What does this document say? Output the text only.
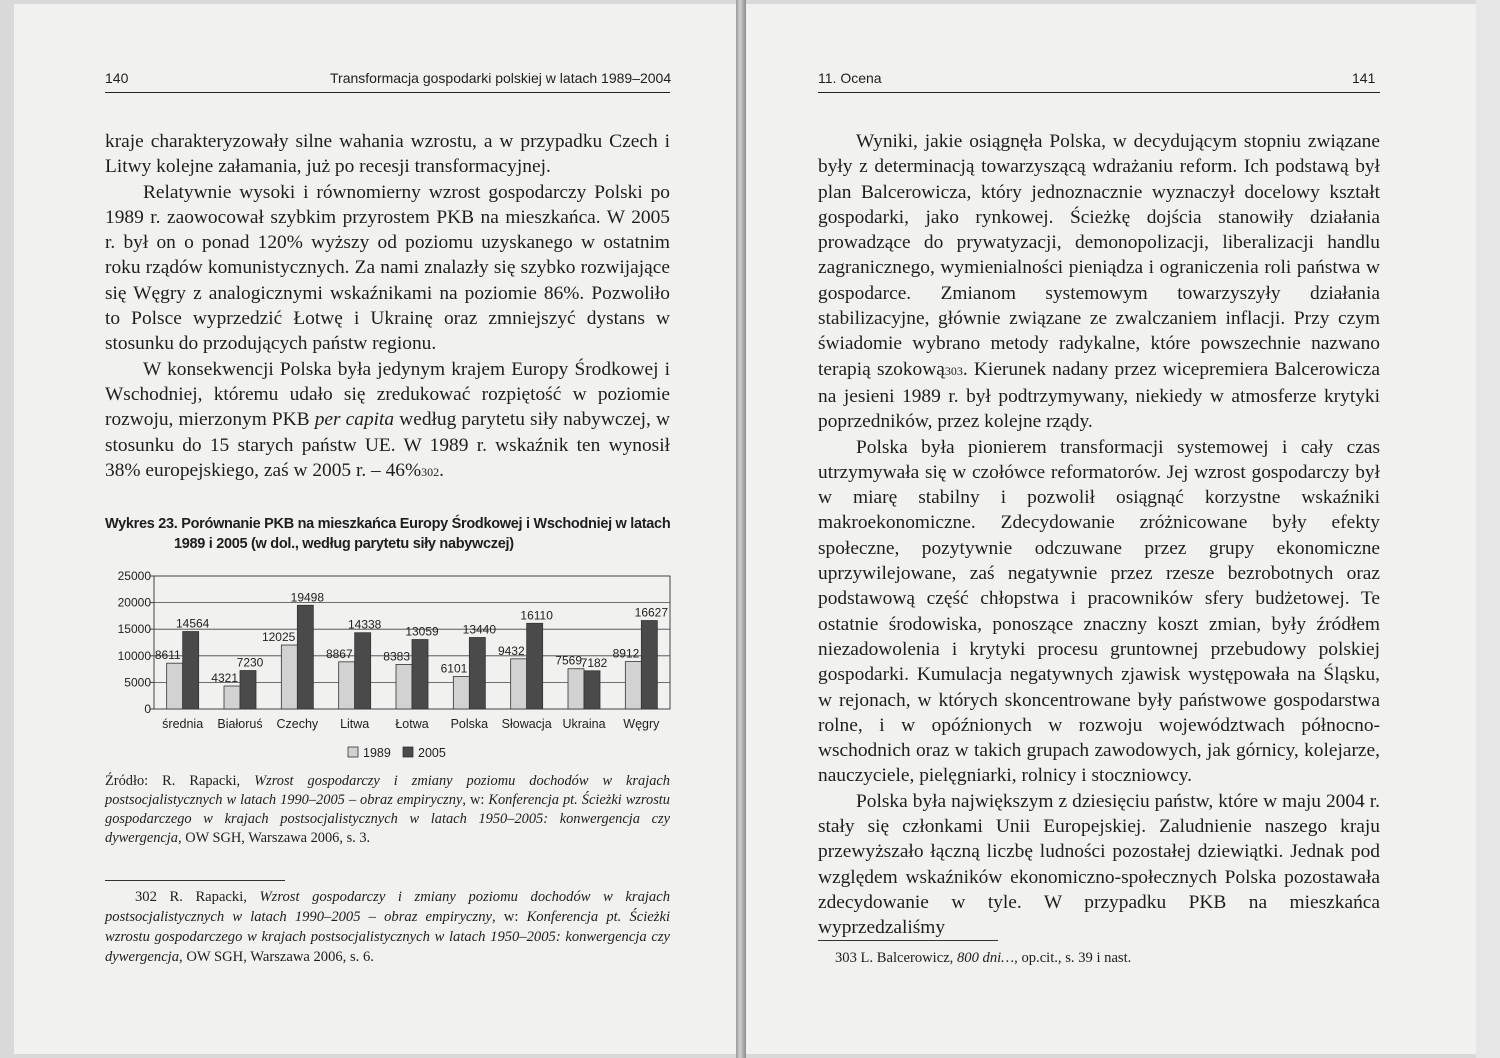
140	Transformacja gospodarki polskiej w latach 1989–2004

kraje charakteryzowały silne wahania wzrostu, a w przypadku Czech i Litwy kolejne załamania, już po recesji transformacyjnej.

Relatywnie wysoki i równomierny wzrost gospodarczy Polski po 1989 r. zaowocował szybkim przyrostem PKB na mieszkańca. W 2005 r. był on o ponad 120% wyższy od poziomu uzyskanego w ostatnim roku rządów komunistycznych. Za nami znalazły się szybko rozwijające się Węgry z analogicznymi wskaźnikami na poziomie 86%. Pozwoliło to Polsce wyprzedzić Łotwę i Ukrainę oraz zmniejszyć dystans w stosunku do przodujących państw regionu.

W konsekwencji Polska była jedynym krajem Europy Środkowej i Wschodniej, któremu udało się zredukować rozpiętość w poziomie rozwoju, mierzonym PKB per capita według parytetu siły nabywczej, w stosunku do 15 starych państw UE. W 1989 r. wskaźnik ten wynosił 38% europejskiego, zaś w 2005 r. – 46%302.

Wykres 23. Porównanie PKB na mieszkańca Europy Środkowej i Wschodniej w latach
1989 i 2005 (w dol., według parytetu siły nabywczej)
0
5000
10000
15000
20000
25000
8611
14564
średnia
4321
7230
Białoruś
12025
19498
Czechy
8867
14338
Litwa
8383
13059
Łotwa
6101
13440
Polska
9432
16110
Słowacja
7569
7182
Ukraina
8912
16627
Węgry
1989 2005
Źródło: R. Rapacki, Wzrost gospodarczy i zmiany poziomu dochodów w krajach postsocjalistycznych w latach 1990–2005 – obraz empiryczny, w: Konferencja pt. Ścieżki wzrostu gospodarczego w krajach postsocjalistycznych w latach 1950–2005: konwergencja czy dywergencja, OW SGH, Warszawa 2006, s. 3.
302 R. Rapacki, Wzrost gospodarczy i zmiany poziomu dochodów w krajach postsocjalistycznych w latach 1990–2005 – obraz empiryczny, w: Konferencja pt. Ścieżki wzrostu gospodarczego w krajach postsocjalistycznych w latach 1950–2005: konwergencja czy dywergencja, OW SGH, Warszawa 2006, s. 6.
11. Ocena	141

Wyniki, jakie osiągnęła Polska, w decydującym stopniu związane były z determinacją towarzyszącą wdrażaniu reform. Ich podstawą był plan Balcerowicza, który jednoznacznie wyznaczył docelowy kształt gospodarki, jako rynkowej. Ścieżkę dojścia stanowiły działania prowadzące do prywatyzacji, demonopolizacji, liberalizacji handlu zagranicznego, wymienialności pieniądza i ograniczenia roli państwa w gospodarce. Zmianom systemowym towarzyszyły działania stabilizacyjne, głównie związane ze zwalczaniem inflacji. Przy czym świadomie wybrano metody radykalne, które powszechnie nazwano terapią szokową303. Kierunek nadany przez wicepremiera Balcerowicza na jesieni 1989 r. był podtrzymywany, niekiedy w atmosferze krytyki poprzedników, przez kolejne rządy.

Polska była pionierem transformacji systemowej i cały czas utrzymywała się w czołówce reformatorów. Jej wzrost gospodarczy był w miarę stabilny i pozwolił osiągnąć korzystne wskaźniki makroekonomiczne. Zdecydowanie zróżnicowane były efekty społeczne, pozytywnie odczuwane przez grupy ekonomiczne uprzywilejowane, zaś negatywnie przez rzesze bezrobotnych oraz podstawową część chłopstwa i pracowników sfery budżetowej. Te ostatnie środowiska, ponoszące znaczny koszt zmian, były źródłem niezadowolenia i krytyki procesu gruntownej przebudowy polskiej gospodarki. Kumulacja negatywnych zjawisk występowała na Śląsku, w rejonach, w których skoncentrowane były państwowe gospodarstwa rolne, i w opóźnionych w rozwoju województwach północno-wschodnich oraz w takich grupach zawodowych, jak górnicy, kolejarze, nauczyciele, pielęgniarki, rolnicy i stoczniowcy.

Polska była największym z dziesięciu państw, które w maju 2004 r. stały się członkami Unii Europejskiej. Zaludnienie naszego kraju przewyższało łączną liczbę ludności pozostałej dziewiątki. Jednak pod względem wskaźników ekonomiczno-społecznych Polska pozostawała zdecydowanie w tyle. W przypadku PKB na mieszkańca wyprzedzaliśmy

303 L. Balcerowicz, 800 dni…, op.cit., s. 39 i nast.
